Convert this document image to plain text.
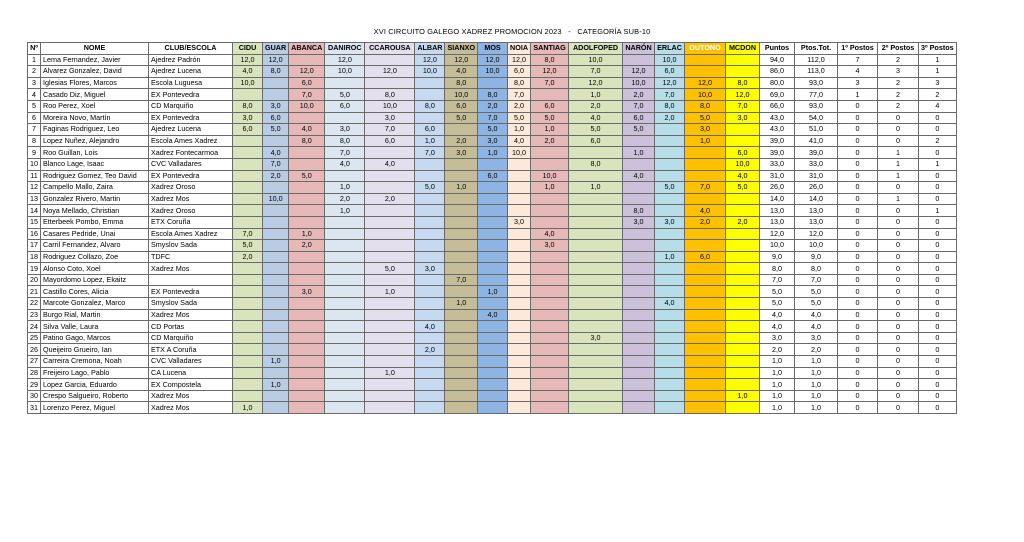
XVI CIRCUITO GALEGO XADREZ PROMOCION 2023   -   CATEGORÍA SUB-10
Nº	NOME	CLUB/ESCOLA	CIDU	GUAR	ABANCA	DANIROC	CCAROUSA	ALBAR	SIANXO	MOS	NOIA	SANTIAG	ADOLFOPED	NARÓN	ERLAC	OUTONO	MCDON	Puntos	Ptos.Tot.	1º Postos	2º Postos	3º Postos
1	Lema Fernandez, Javier	Ajedrez Padrón	12,0	12,0		12,0		12,0	12,0	12,0	12,0	8,0	10,0		10,0			94,0	112,0	7	2	1
2	Alvarez Gonzalez, David	Ajedrez Lucena	4,0	8,0	12,0	10,0	12,0	10,0	4,0	10,0	6,0	12,0	7,0	12,0	6,0			86,0	113,0	4	3	1
3	Iglesias Flores, Marcos	Escola Luguesa	10,0		6,0				8,0		8,0	7,0	12,0	10,0	12,0	12,0	8,0	80,0	93,0	3	2	3
4	Casado Diz, Miguel	EX Pontevedra			7,0	5,0	8,0		10,0	8,0	7,0		1,0	2,0	7,0	10,0	12,0	69,0	77,0	1	2	2
5	Roo Perez, Xoel	CD Marquiño	8,0	3,0	10,0	6,0	10,0	8,0	6,0	2,0	2,0	6,0	2,0	7,0	8,0	8,0	7,0	66,0	93,0	0	2	4
6	Moreira Novo, Martín	EX Pontevedra	3,0	6,0			3,0		5,0	7,0	5,0	5,0	4,0	6,0	2,0	5,0	3,0	43,0	54,0	0	0	0
7	Faginas Rodriguez, Leo	Ajedrez Lucena	6,0	5,0	4,0	3,0	7,0	6,0		5,0	1,0	1,0	5,0	5,0		3,0		43,0	51,0	0	0	0
8	Lopez Nuñez, Alejandro	Escola Ames Xadrez			8,0	8,0	6,0	1,0	2,0	3,0	4,0	2,0	6,0			1,0		39,0	41,0	0	0	2
9	Roo Guillan, Lois	Xadrez Fontecarmoa		4,0		7,0		7,0	3,0	1,0	10,0			1,0			6,0	39,0	39,0	0	1	0
10	Blanco Lage, Isaac	CVC Valladares		7,0		4,0	4,0						8,0				10,0	33,0	33,0	0	1	1
11	Rodriguez Gomez, Teo David	EX Pontevedra		2,0	5,0					6,0		10,0		4,0			4,0	31,0	31,0	0	1	0
12	Campello Mallo, Zaira	Xadrez Oroso				1,0		5,0	1,0			1,0	1,0		5,0	7,0	5,0	26,0	26,0	0	0	0
13	Gonzalez Rivero, Martin	Xadrez Mos		10,0		2,0	2,0											14,0	14,0	0	1	0
14	Noya Mellado, Christian	Xadrez Oroso				1,0								8,0		4,0		13,0	13,0	0	0	1
15	Etterbeek Pombo, Emma	ETX Coruña									3,0			3,0	3,0	2,0	2,0	13,0	13,0	0	0	0
16	Casares Pedride, Unai	Escola Ames Xadrez	7,0		1,0							4,0						12,0	12,0	0	0	0
17	Carril Fernandez, Alvaro	Smyslov Sada	5,0		2,0							3,0						10,0	10,0	0	0	0
18	Rodriguez Collazo, Zoe	TDFC	2,0												1,0	6,0		9,0	9,0	0	0	0
19	Alonso Coto, Xoel	Xadrez Mos					5,0	3,0										8,0	8,0	0	0	0
20	Mayordomo Lopez, Ekaitz								7,0									7,0	7,0	0	0	0
21	Castillo Cores, Alicia	EX Pontevedra			3,0		1,0			1,0								5,0	5,0	0	0	0
22	Marcote Gonzalez, Marco	Smyslov Sada							1,0						4,0			5,0	5,0	0	0	0
23	Burgo Rial, Martin	Xadrez Mos								4,0								4,0	4,0	0	0	0
24	Silva Valle, Laura	CD Portas						4,0										4,0	4,0	0	0	0
25	Patino Gago, Marcos	CD Marquiño											3,0					3,0	3,0	0	0	0
26	Queijeiro Grueiro, Ian	ETX A Coruña						2,0										2,0	2,0	0	0	0
27	Carreira Cremona, Noah	CVC Valladares		1,0														1,0	1,0	0	0	0
28	Freijeiro Lago, Pablo	CA Lucena					1,0											1,0	1,0	0	0	0
29	Lopez Garcia, Eduardo	EX Compostela		1,0														1,0	1,0	0	0	0
30	Crespo Salgueiro, Roberto	Xadrez Mos															1,0	1,0	1,0	0	0	0
31	Lorenzo Perez, Miguel	Xadrez Mos	1,0															1,0	1,0	0	0	0
